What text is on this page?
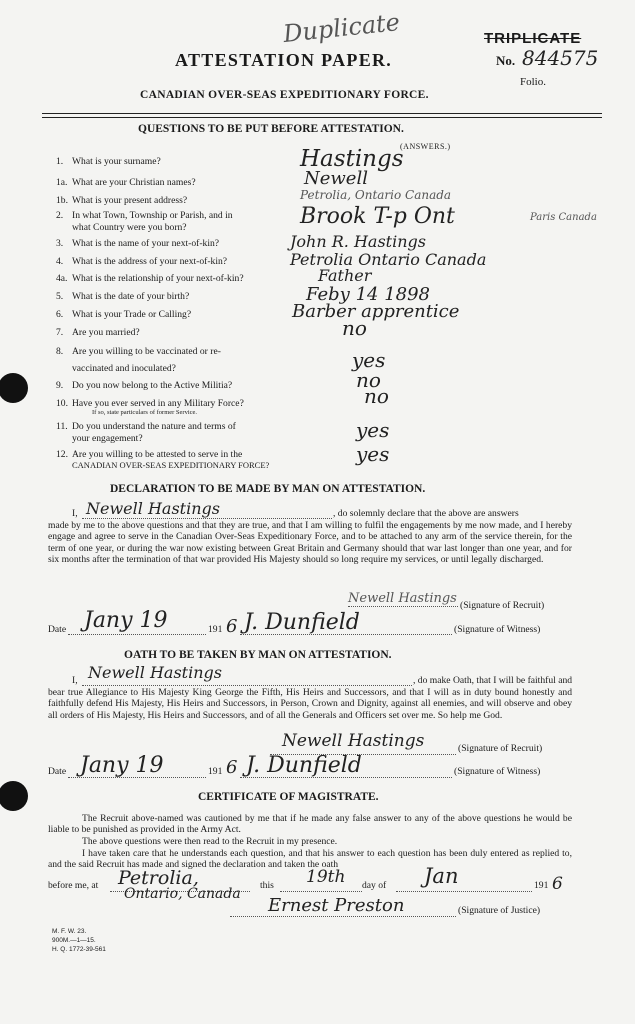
Duplicate	TRIPLICATE
ATTESTATION PAPER.	No. 844575
Folio.
CANADIAN OVER-SEAS EXPEDITIONARY FORCE.
QUESTIONS TO BE PUT BEFORE ATTESTATION.
(ANSWERS.)
1. What is your surname?	Hastings
1a. What are your Christian names?	Newell
1b. What is your present address?	Petrolia, Ontario Canada
2. In what Town, Township or Parish, and in
what Country were you born?	Brook T-p Ont	Paris Canada
3. What is the name of your next-of-kin?	John R. Hastings
4. What is the address of your next-of-kin?	Petrolia Ontario Canada
4a. What is the relationship of your next-of-kin?	Father
5. What is the date of your birth?	Feby 14 1898
6. What is your Trade or Calling?	Barber apprentice
7. Are you married?	no
8. Are you willing to be vaccinated or re-
vaccinated and inoculated?	yes
9. Do you now belong to the Active Militia?	no
10. Have you ever served in any Military Force?
If so, state particulars of former Service.
no
11. Do you understand the nature and terms of
your engagement?	yes
12. Are you willing to be attested to serve in the
CANADIAN OVER-SEAS EXPEDITIONARY FORCE?	yes
DECLARATION TO BE MADE BY MAN ON ATTESTATION.
I, Newell Hastings	, do solemnly declare that the above are answers
made by me to the above questions and that they are true, and that I am willing to fulfil the engagements by me now made, and I hereby engage and agree to serve in the Canadian Over-Seas Expeditionary Force, and to be attached to any arm of the service therein, for the term of one year, or during the war now existing between Great Britain and Germany should that war last longer than one year, and for six months after the termination of that war provided His Majesty should so long require my services, or until legally discharged.
Newell Hastings (Signature of Recruit)
Date Jany 19	191 6 J. Dunfield	(Signature of Witness)
OATH TO BE TAKEN BY MAN ON ATTESTATION.
I, Newell Hastings	, do make Oath, that I will be faithful and
bear true Allegiance to His Majesty King George the Fifth, His Heirs and Successors, and that I will as in duty bound honestly and faithfully defend His Majesty, His Heirs and Successors, in Person, Crown and Dignity, against all enemies, and will observe and obey all orders of His Majesty, His Heirs and Successors, and of all the Generals and Officers set over me. So help me God.
Newell Hastings	(Signature of Recruit)
Date Jany 19	191 6 J. Dunfield	(Signature of Witness)
CERTIFICATE OF MAGISTRATE.
The Recruit above-named was cautioned by me that if he made any false answer to any of the above questions he would be liable to be punished as provided in the Army Act.
The above questions were then read to the Recruit in my presence.
I have taken care that he understands each question, and that his answer to each question has been duly entered as replied to, and the said Recruit has made and signed the declaration and taken the oath
before me, at Petrolia,	this 19th day of Jan	191 6
Ontario, Canada
Ernest Preston	(Signature of Justice)
M. F. W. 23.
900M.—1—15.
H. Q. 1772-39-561
